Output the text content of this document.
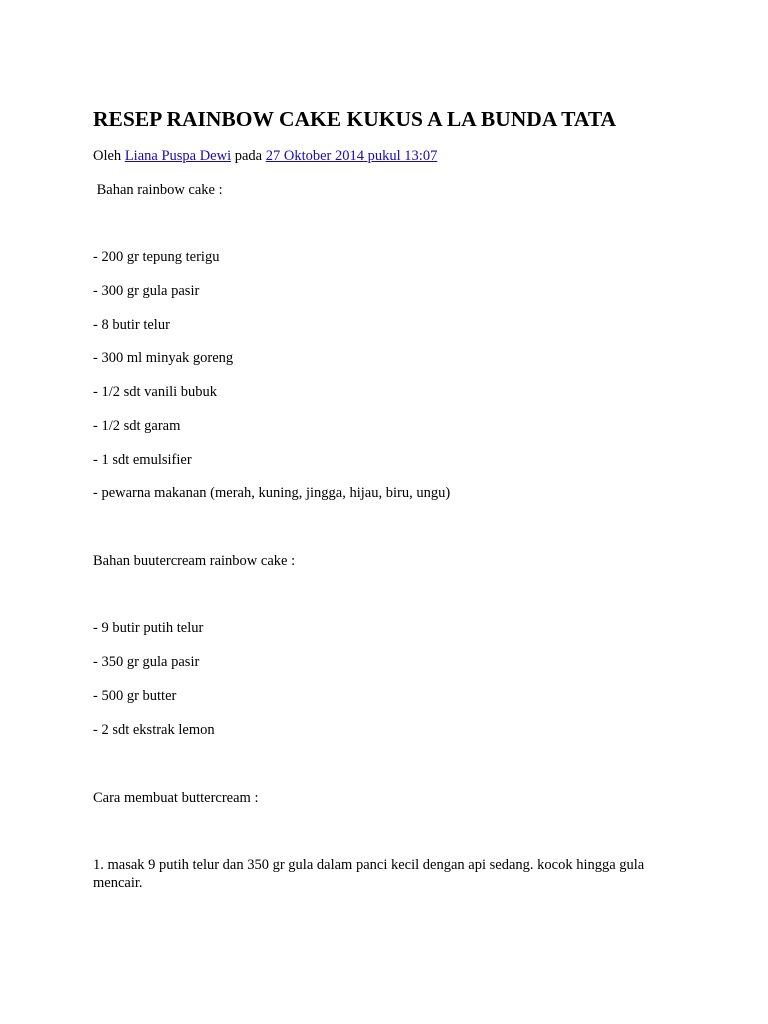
RESEP RAINBOW CAKE KUKUS A LA BUNDA TATA
Oleh Liana Puspa Dewi pada 27 Oktober 2014 pukul 13:07
Bahan rainbow cake :
- 200 gr tepung terigu
- 300 gr gula pasir
- 8 butir telur
- 300 ml minyak goreng
- 1/2 sdt vanili bubuk
- 1/2 sdt garam
- 1 sdt emulsifier
- pewarna makanan (merah, kuning, jingga, hijau, biru, ungu)
Bahan buutercream rainbow cake :
- 9 butir putih telur
- 350 gr gula pasir
- 500 gr butter
- 2 sdt ekstrak lemon
Cara membuat buttercream :
1. masak 9 putih telur dan 350 gr gula dalam panci kecil dengan api sedang. kocok hingga gula mencair.
